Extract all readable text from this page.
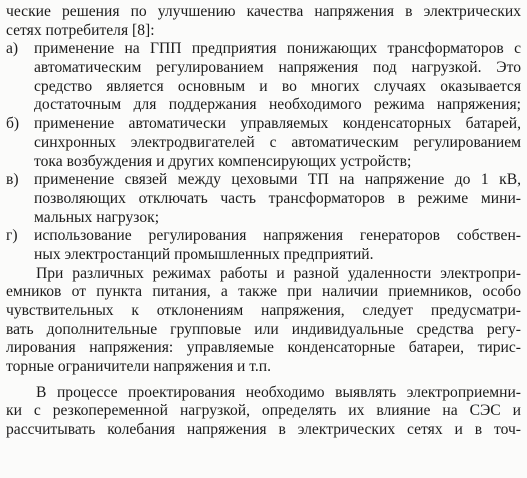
ческие решения по улучшению качества напряжения в электрических
сетях потребителя [8]:
а) применение на ГПП предприятия понижающих трансформаторов с
автоматическим регулированием напряжения под нагрузкой. Это
средство является основным и во многих случаях оказывается
достаточным для поддержания необходимого режима напряжения;
б) применение автоматически управляемых конденсаторных батарей,
синхронных электродвигателей с автоматическим регулированием
тока возбуждения и других компенсирующих устройств;
в) применение связей между цеховыми ТП на напряжение до 1 кВ,
позволяющих отключать часть трансформаторов в режиме мини-
мальных нагрузок;
г) использование регулирования напряжения генераторов собствен-
ных электростанций промышленных предприятий.
При различных режимах работы и разной удаленности электропри-
емников от пункта питания, а также при наличии приемников, особо
чувствительных к отклонениям напряжения, следует предусматри-
вать дополнительные групповые или индивидуальные средства регу-
лирования напряжения: управляемые конденсаторные батареи, тирис-
торные ограничители напряжения и т.п.
В процессе проектирования необходимо выявлять электроприемни-
ки с резкопеременной нагрузкой, определять их влияние на СЭС и
рассчитывать колебания напряжения в электрических сетях и в точ-
